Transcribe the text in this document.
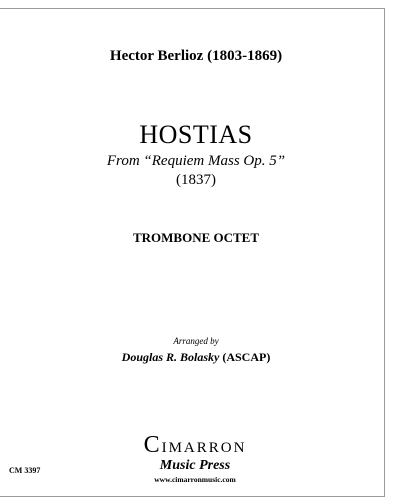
Hector Berlioz (1803-1869)
HOSTIAS
From “Requiem Mass Op. 5”
(1837)
TROMBONE OCTET
Arranged by
Douglas R. Bolasky (ASCAP)
CIMARRON
Music Press
www.cimarronmusic.com
CM 3397
